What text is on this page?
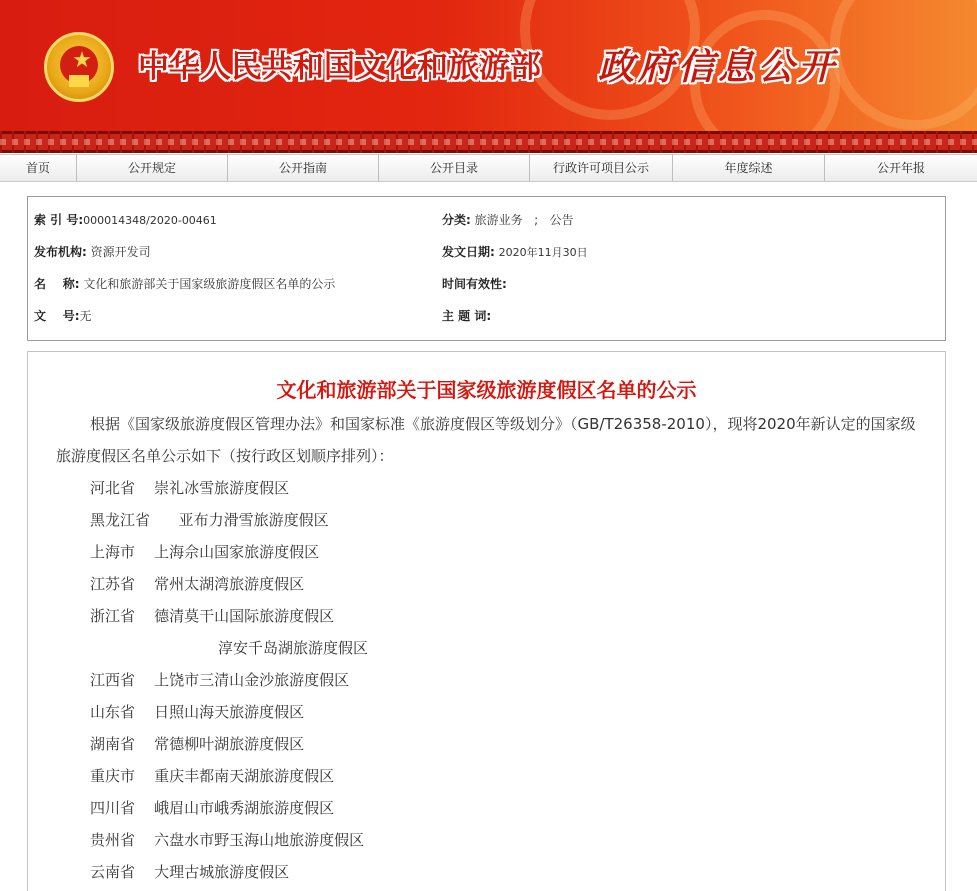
★ 中华人民共和国文化和旅游部 政府信息公开
首页	公开规定	公开指南	公开目录	行政许可项目公示	年度综述	公开年报
索 引 号:000014348/2020-00461	分类: 旅游业务   ;   公告
发布机构: 资源开发司	发文日期: 2020年11月30日
名    称: 文化和旅游部关于国家级旅游度假区名单的公示	时间有效性:
文    号:无	主 题 词:
文化和旅游部关于国家级旅游度假区名单的公示
根据《国家级旅游度假区管理办法》和国家标准《旅游度假区等级划分》（GB/T26358-2010），现将2020年新认定的国家级旅游度假区名单公示如下（按行政区划顺序排列）：
河北省 崇礼冰雪旅游度假区
黑龙江省 亚布力滑雪旅游度假区
上海市 上海佘山国家旅游度假区
江苏省 常州太湖湾旅游度假区
浙江省 德清莫干山国际旅游度假区
淳安千岛湖旅游度假区
江西省 上饶市三清山金沙旅游度假区
山东省 日照山海天旅游度假区
湖南省 常德柳叶湖旅游度假区
重庆市 重庆丰都南天湖旅游度假区
四川省 峨眉山市峨秀湖旅游度假区
贵州省 六盘水市野玉海山地旅游度假区
云南省 大理古城旅游度假区
